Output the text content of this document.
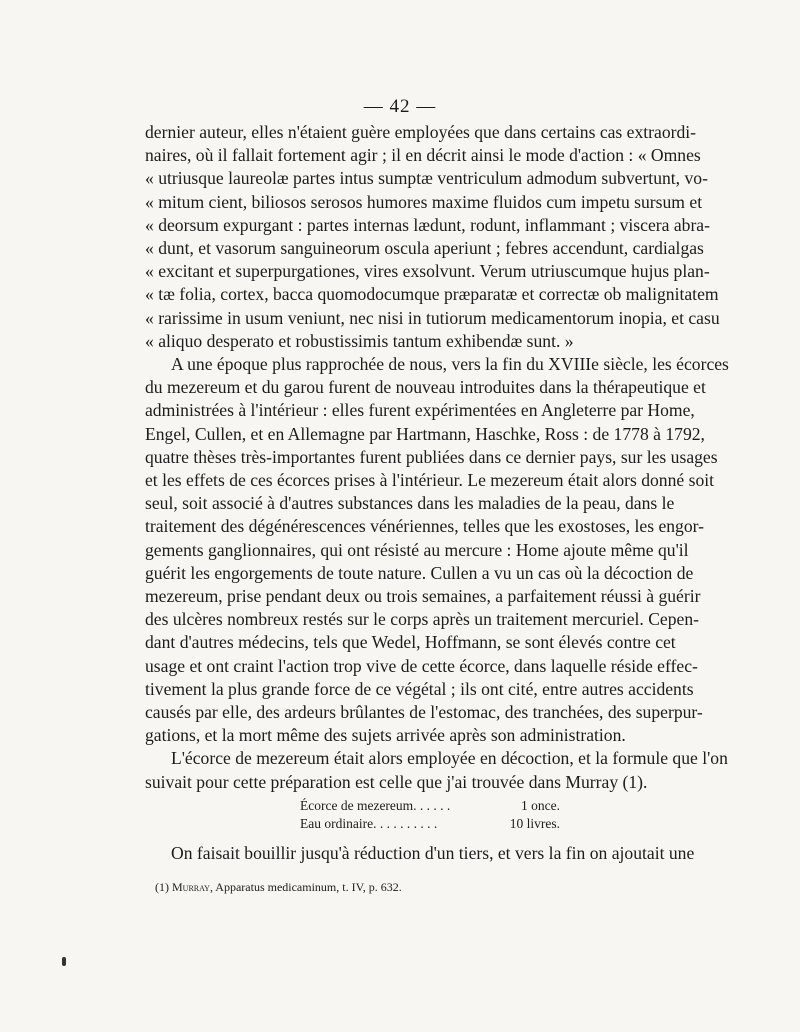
— 42 —
dernier auteur, elles n'étaient guère employées que dans certains cas extraordi-
naires, où il fallait fortement agir ; il en décrit ainsi le mode d'action : « Omnes
« utriusque laureolæ partes intus sumptæ ventriculum admodum subvertunt, vo-
« mitum cient, biliosos serosos humores maxime fluidos cum impetu sursum et
« deorsum expurgant : partes internas lædunt, rodunt, inflammant ; viscera abra-
« dunt, et vasorum sanguineorum oscula aperiunt ; febres accendunt, cardialgas
« excitant et superpurgationes, vires exsolvunt. Verum utriuscumque hujus plan-
« tæ folia, cortex, bacca quomodocumque præparatæ et correctæ ob malignitatem
« rarissime in usum veniunt, nec nisi in tutiorum medicamentorum inopia, et casu
« aliquo desperato et robustissimis tantum exhibendæ sunt. »
A une époque plus rapprochée de nous, vers la fin du XVIIIe siècle, les écorces
du mezereum et du garou furent de nouveau introduites dans la thérapeutique et
administrées à l'intérieur : elles furent expérimentées en Angleterre par Home,
Engel, Cullen, et en Allemagne par Hartmann, Haschke, Ross : de 1778 à 1792,
quatre thèses très-importantes furent publiées dans ce dernier pays, sur les usages
et les effets de ces écorces prises à l'intérieur. Le mezereum était alors donné soit
seul, soit associé à d'autres substances dans les maladies de la peau, dans le
traitement des dégénérescences vénériennes, telles que les exostoses, les engor-
gements ganglionnaires, qui ont résisté au mercure : Home ajoute même qu'il
guérit les engorgements de toute nature. Cullen a vu un cas où la décoction de
mezereum, prise pendant deux ou trois semaines, a parfaitement réussi à guérir
des ulcères nombreux restés sur le corps après un traitement mercuriel. Cepen-
dant d'autres médecins, tels que Wedel, Hoffmann, se sont élevés contre cet
usage et ont craint l'action trop vive de cette écorce, dans laquelle réside effec-
tivement la plus grande force de ce végétal ; ils ont cité, entre autres accidents
causés par elle, des ardeurs brûlantes de l'estomac, des tranchées, des superpur-
gations, et la mort même des sujets arrivée après son administration.
L'écorce de mezereum était alors employée en décoction, et la formule que l'on
suivait pour cette préparation est celle que j'ai trouvée dans Murray (1).
Écorce de mezereum. . . . . .	1 once.
Eau ordinaire. . . . . . . . . .	10 livres.
On faisait bouillir jusqu'à réduction d'un tiers, et vers la fin on ajoutait une
(1) Murray, Apparatus medicaminum, t. IV, p. 632.
